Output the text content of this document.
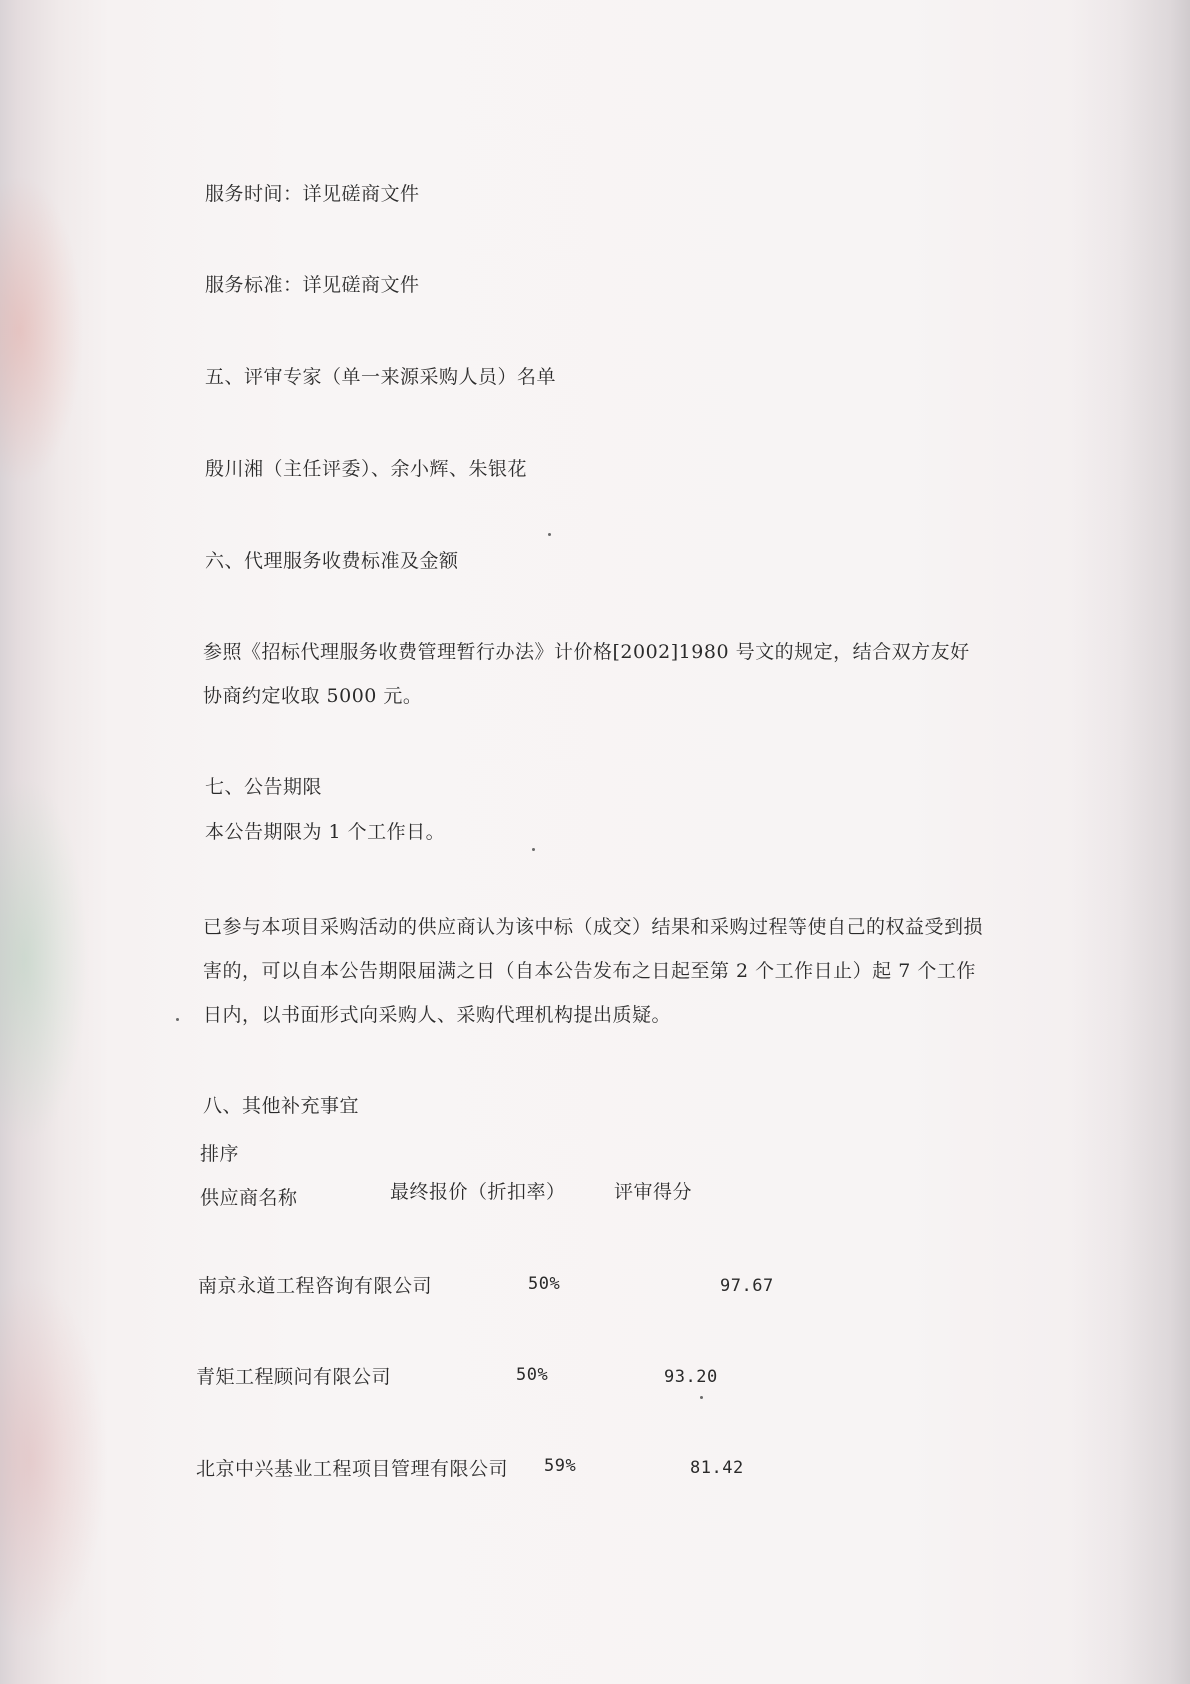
服务时间：详见磋商文件
服务标准：详见磋商文件
五、评审专家（单一来源采购人员）名单
殷川湘（主任评委）、余小辉、朱银花
六、代理服务收费标准及金额
参照《招标代理服务收费管理暂行办法》计价格[2002]1980 号文的规定，结合双方友好协商约定收取 5000 元。
七、公告期限
本公告期限为 1 个工作日。
已参与本项目采购活动的供应商认为该中标（成交）结果和采购过程等使自己的权益受到损害的，可以自本公告期限届满之日（自本公告发布之日起至第 2 个工作日止）起 7 个工作日内，以书面形式向采购人、采购代理机构提出质疑。
八、其他补充事宜
排序
供应商名称	最终报价（折扣率）	评审得分
南京永道工程咨询有限公司	50%	97.67
青矩工程顾问有限公司	50%	93.20
北京中兴基业工程项目管理有限公司 59%	81.42
